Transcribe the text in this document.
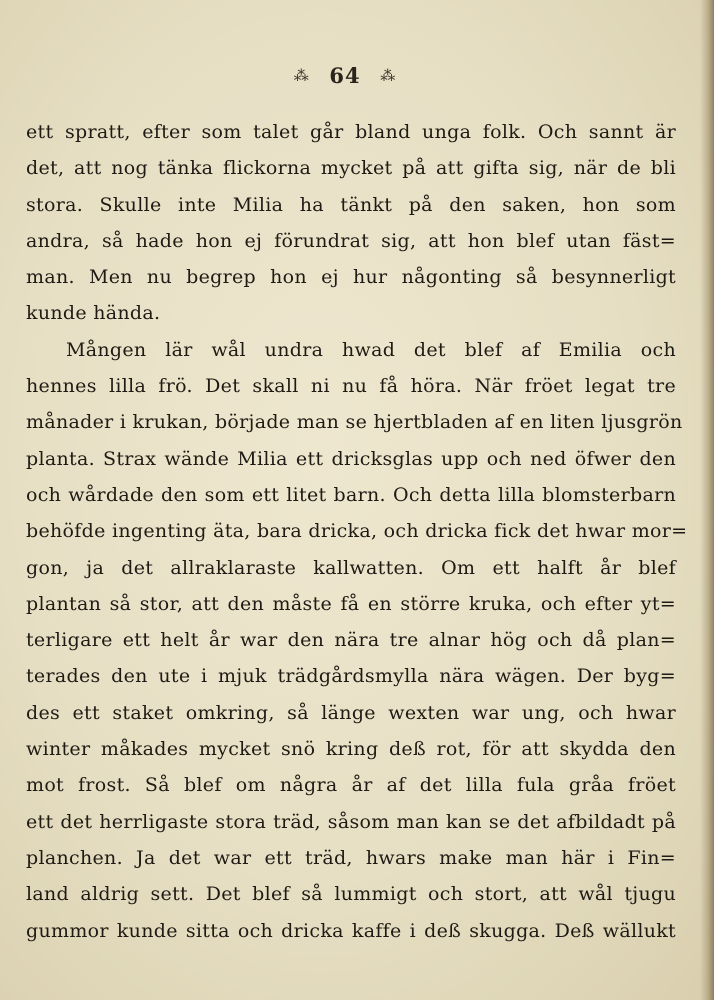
⁂ 64 ⁂
ett spratt, efter som talet går bland unga folk. Och sannt är
det, att nog tänka flickorna mycket på att gifta sig, när de bli
stora. Skulle inte Milia ha tänkt på den saken, hon som
andra, så hade hon ej förundrat sig, att hon blef utan fäst=
man. Men nu begrep hon ej hur någonting så besynnerligt
kunde hända.
Mången lär wål undra hwad det blef af Emilia och
hennes lilla frö. Det skall ni nu få höra. När fröet legat tre
månader i krukan, började man se hjertbladen af en liten ljusgrön
planta. Strax wände Milia ett dricksglas upp och ned öfwer den
och wårdade den som ett litet barn. Och detta lilla blomsterbarn
behöfde ingenting äta, bara dricka, och dricka fick det hwar mor=
gon, ja det allraklaraste kallwatten. Om ett halft år blef
plantan så stor, att den måste få en större kruka, och efter yt=
terligare ett helt år war den nära tre alnar hög och då plan=
terades den ute i mjuk trädgårdsmylla nära wägen. Der byg=
des ett staket omkring, så länge wexten war ung, och hwar
winter måkades mycket snö kring deß rot, för att skydda den
mot frost. Så blef om några år af det lilla fula gråa fröet
ett det herrligaste stora träd, såsom man kan se det afbildadt på
planchen. Ja det war ett träd, hwars make man här i Fin=
land aldrig sett. Det blef så lummigt och stort, att wål tjugu
gummor kunde sitta och dricka kaffe i deß skugga. Deß wällukt
